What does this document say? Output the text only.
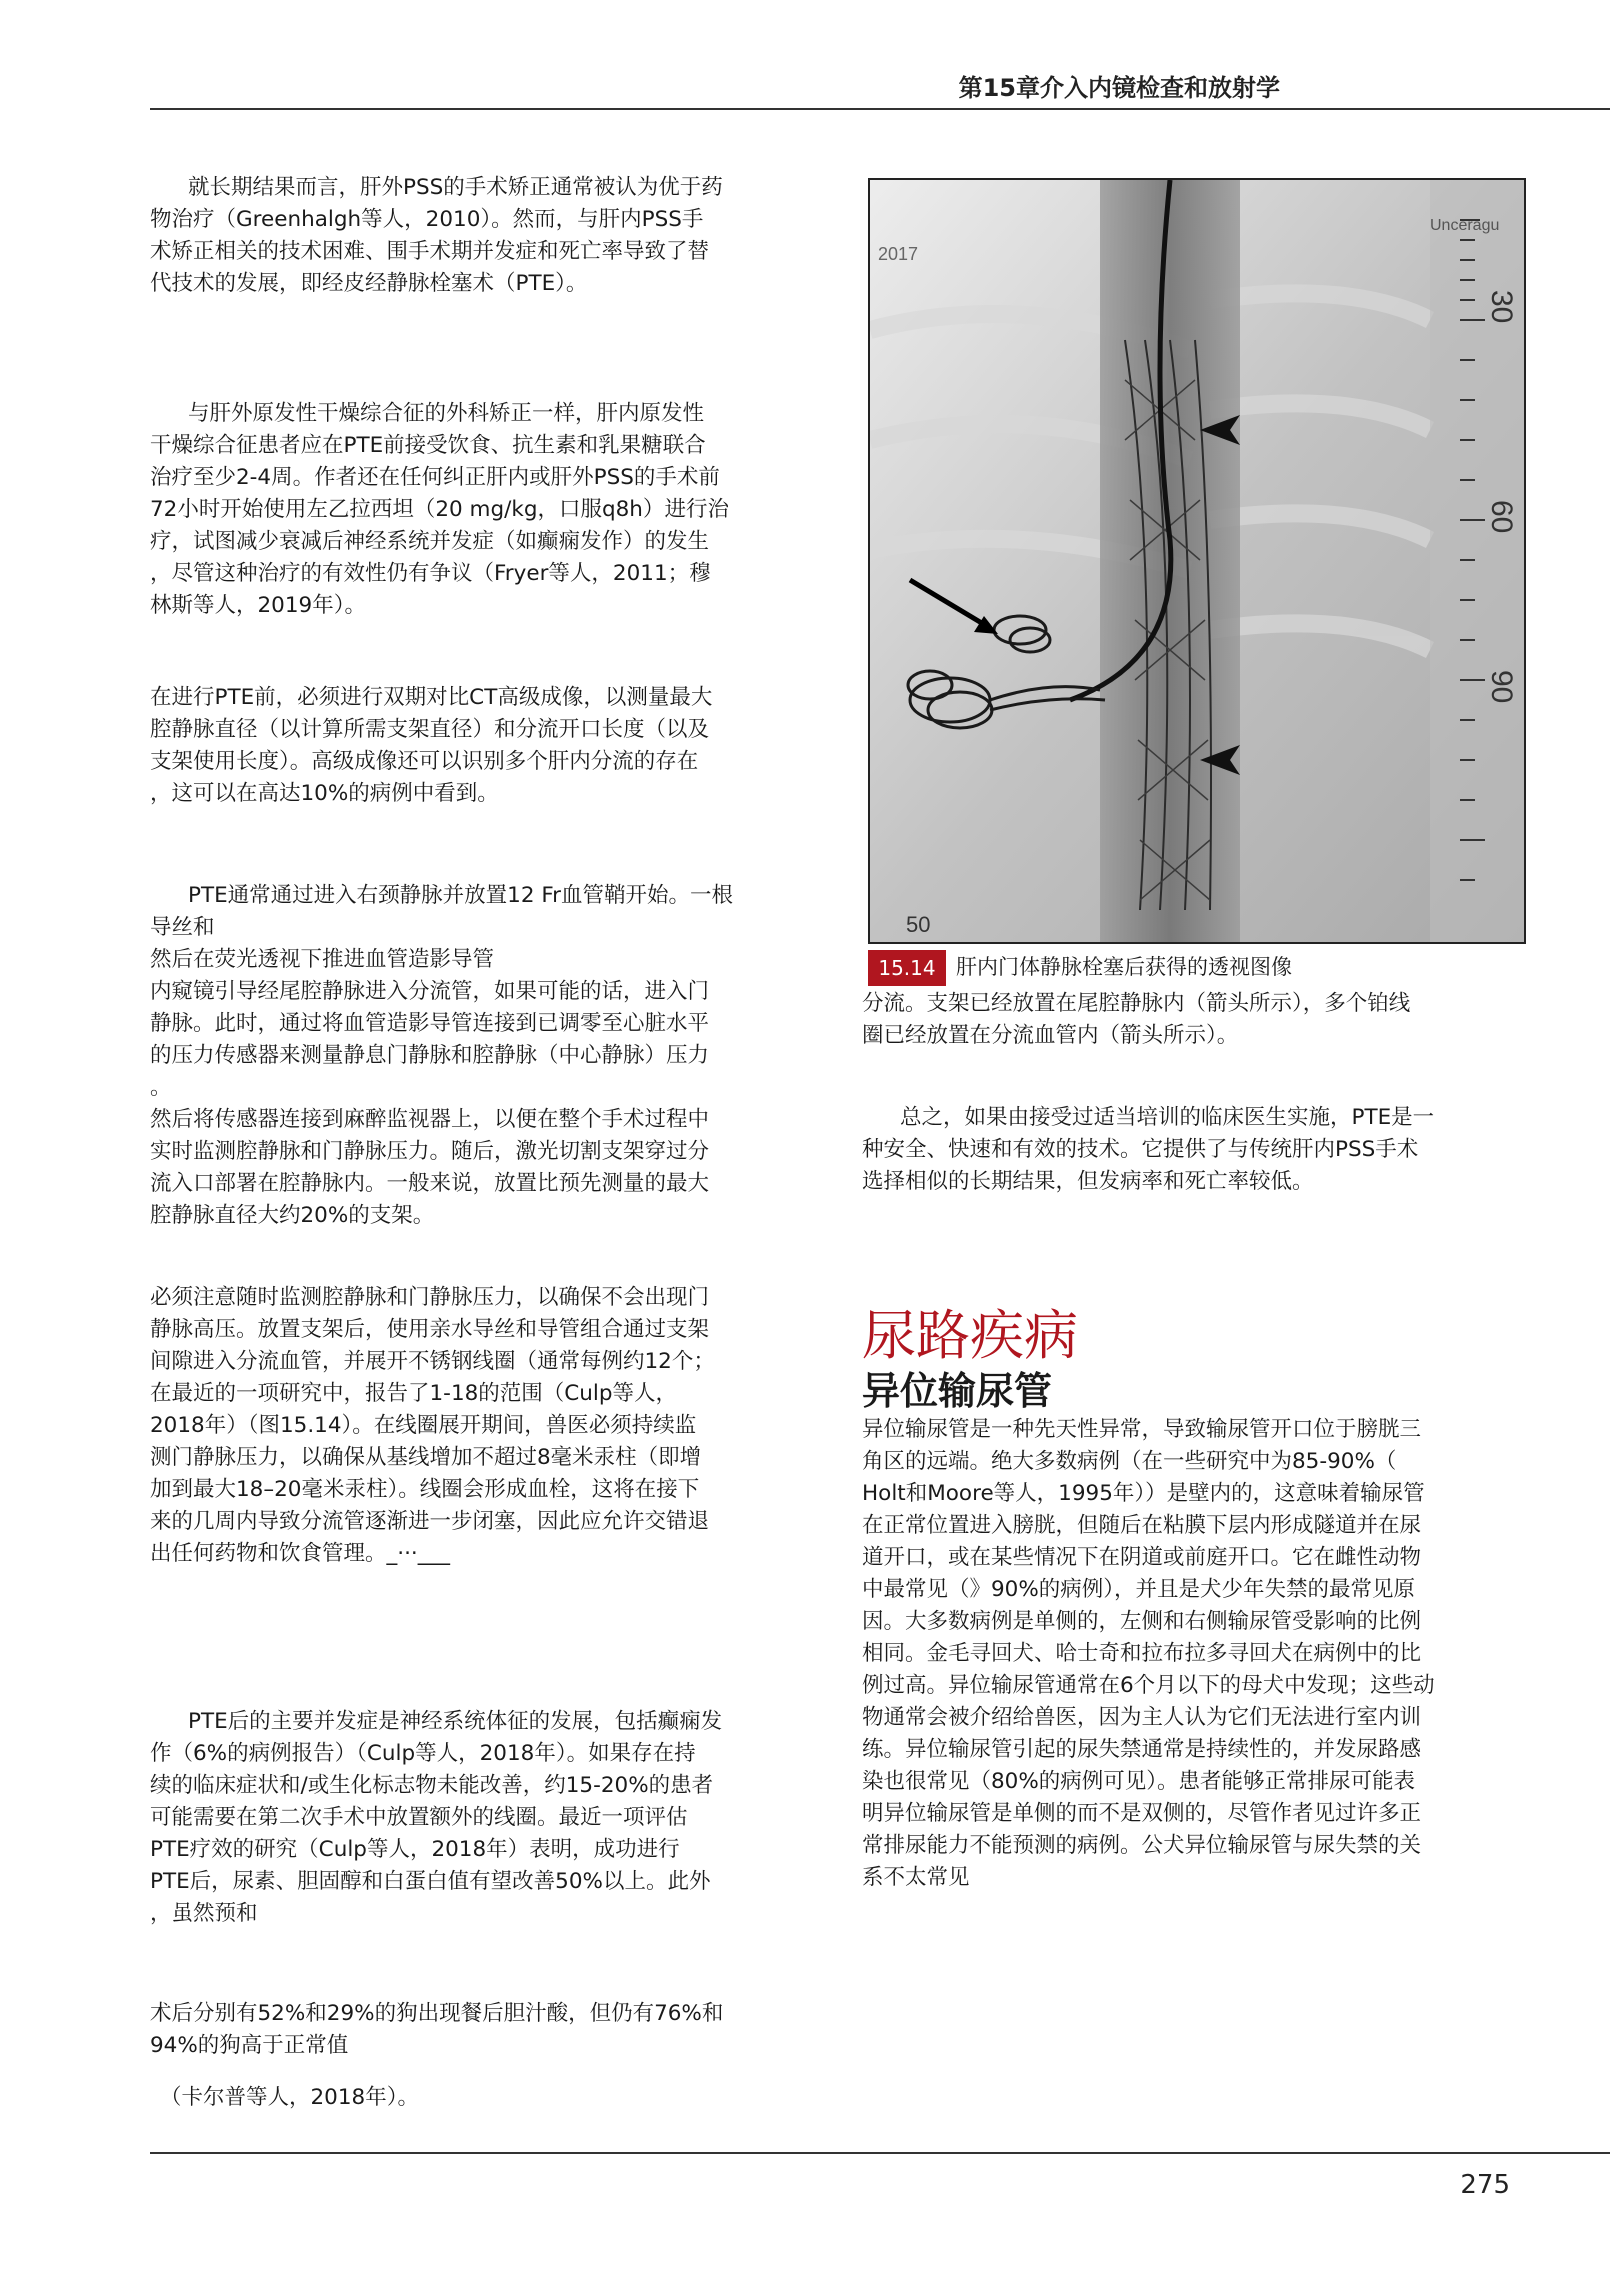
第15章介入内镜检查和放射学

就长期结果而言，肝外PSS的手术矫正通常被认为优于药
物治疗（Greenhalgh等人，2010）。然而，与肝内PSS手
术矫正相关的技术困难、围手术期并发症和死亡率导致了替
代技术的发展，即经皮经静脉栓塞术（PTE）。

与肝外原发性干燥综合征的外科矫正一样，肝内原发性
干燥综合征患者应在PTE前接受饮食、抗生素和乳果糖联合
治疗至少2-4周。作者还在任何纠正肝内或肝外PSS的手术前
72小时开始使用左乙拉西坦（20 mg/kg，口服q8h）进行治
疗，试图减少衰减后神经系统并发症（如癫痫发作）的发生
，尽管这种治疗的有效性仍有争议（Fryer等人，2011；穆
林斯等人，2019年）。

在进行PTE前，必须进行双期对比CT高级成像，以测量最大
腔静脉直径（以计算所需支架直径）和分流开口长度（以及
支架使用长度）。高级成像还可以识别多个肝内分流的存在
，这可以在高达10%的病例中看到。

PTE通常通过进入右颈静脉并放置12 Fr血管鞘开始。一根
导丝和
然后在荧光透视下推进血管造影导管
内窥镜引导经尾腔静脉进入分流管，如果可能的话，进入门
静脉。此时，通过将血管造影导管连接到已调零至心脏水平
的压力传感器来测量静息门静脉和腔静脉（中心静脉）压力
。
然后将传感器连接到麻醉监视器上，以便在整个手术过程中
实时监测腔静脉和门静脉压力。随后，激光切割支架穿过分
流入口部署在腔静脉内。一般来说，放置比预先测量的最大
腔静脉直径大约20%的支架。

必须注意随时监测腔静脉和门静脉压力，以确保不会出现门
静脉高压。放置支架后，使用亲水导丝和导管组合通过支架
间隙进入分流血管，并展开不锈钢线圈（通常每例约12个；
在最近的一项研究中，报告了1-18的范围（Culp等人，
2018年）（图15.14）。在线圈展开期间，兽医必须持续监
测门静脉压力，以确保从基线增加不超过8毫米汞柱（即增
加到最大18–20毫米汞柱）。线圈会形成血栓，这将在接下
来的几周内导致分流管逐渐进一步闭塞，因此应允许交错退
出任何药物和饮食管理。_···___

PTE后的主要并发症是神经系统体征的发展，包括癫痫发
作（6%的病例报告）（Culp等人，2018年）。如果存在持
续的临床症状和/或生化标志物未能改善，约15-20%的患者
可能需要在第二次手术中放置额外的线圈。最近一项评估
PTE疗效的研究（Culp等人，2018年）表明，成功进行
PTE后，尿素、胆固醇和白蛋白值有望改善50%以上。此外
，虽然预和

术后分别有52%和29%的狗出现餐后胆汁酸，但仍有76%和
94%的狗高于正常值

（卡尔普等人，2018年）。

30
60
90
2017
Unceragu
50
15.14 肝内门体静脉栓塞后获得的透视图像

分流。支架已经放置在尾腔静脉内（箭头所示），多个铂线
圈已经放置在分流血管内（箭头所示）。

总之，如果由接受过适当培训的临床医生实施，PTE是一
种安全、快速和有效的技术。它提供了与传统肝内PSS手术
选择相似的长期结果，但发病率和死亡率较低。

尿路疾病
异位输尿管

异位输尿管是一种先天性异常，导致输尿管开口位于膀胱三
角区的远端。绝大多数病例（在一些研究中为85-90%（
Holt和Moore等人，1995年））是壁内的，这意味着输尿管
在正常位置进入膀胱，但随后在粘膜下层内形成隧道并在尿
道开口，或在某些情况下在阴道或前庭开口。它在雌性动物
中最常见（》90%的病例），并且是犬少年失禁的最常见原
因。大多数病例是单侧的，左侧和右侧输尿管受影响的比例
相同。金毛寻回犬、哈士奇和拉布拉多寻回犬在病例中的比
例过高。异位输尿管通常在6个月以下的母犬中发现；这些动
物通常会被介绍给兽医，因为主人认为它们无法进行室内训
练。异位输尿管引起的尿失禁通常是持续性的，并发尿路感
染也很常见（80%的病例可见）。患者能够正常排尿可能表
明异位输尿管是单侧的而不是双侧的，尽管作者见过许多正
常排尿能力不能预测的病例。公犬异位输尿管与尿失禁的关
系不太常见

275
